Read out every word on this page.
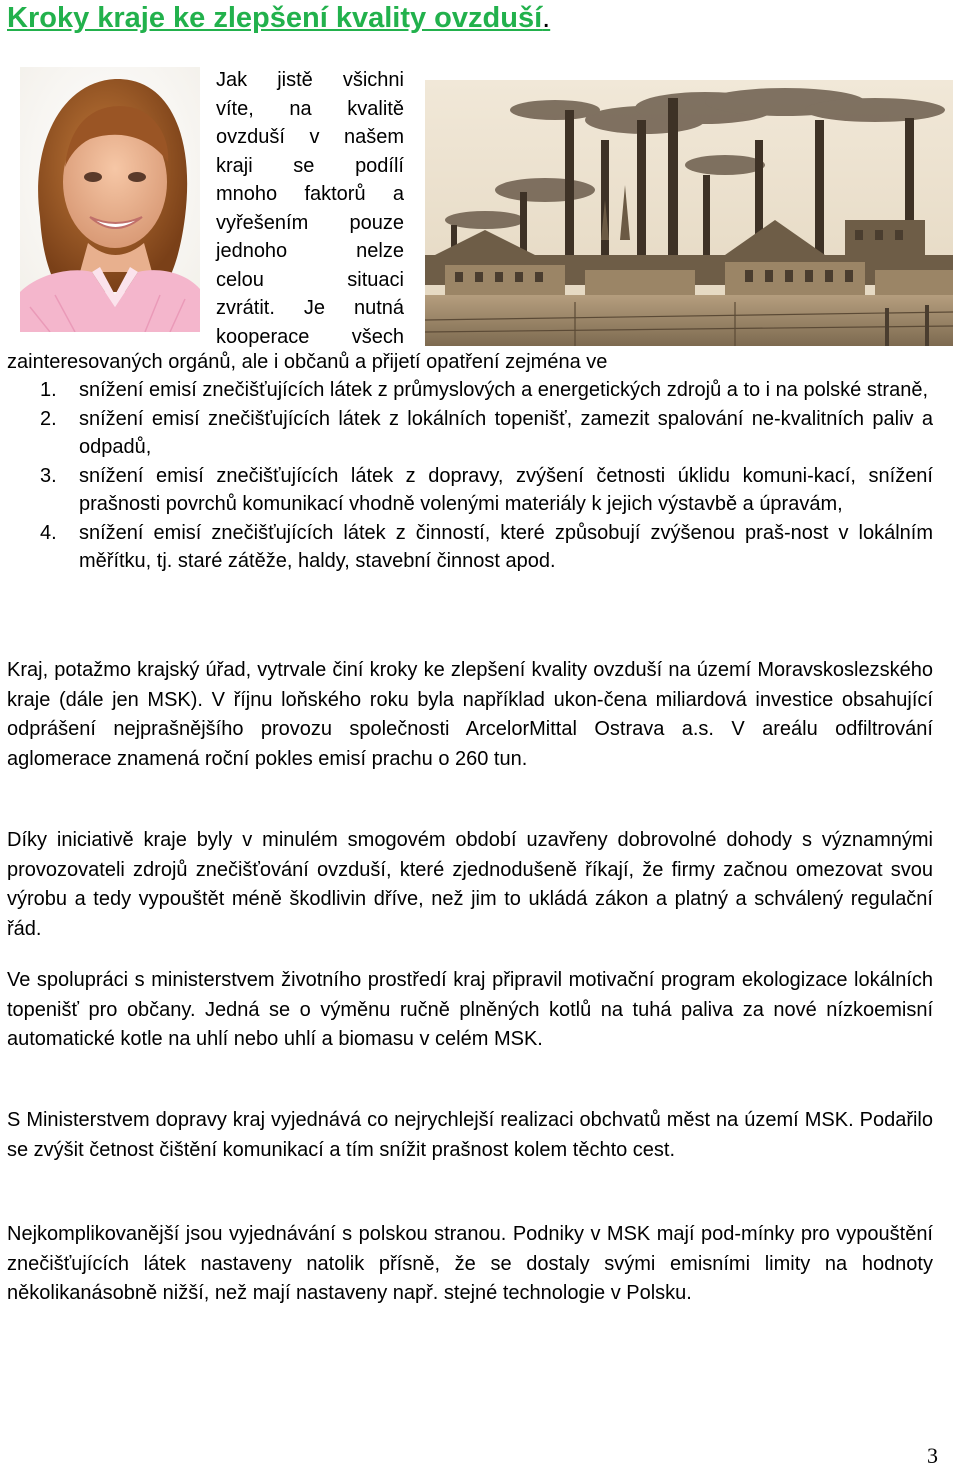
Kroky kraje ke zlepšení kvality ovzduší.
Jak jistě všichni
víte, na kvalitě
ovzduší v našem
kraji se podílí
mnoho faktorů a
vyřešením pouze
jednoho nelze
celou situaci
zvrátit. Je nutná
kooperace všech
zainteresovaných orgánů, ale i občanů a přijetí opatření zejména ve
1. snížení emisí znečišťujících látek z průmyslových a energetických zdrojů a to i na polské straně,
2. snížení emisí znečišťujících látek z lokálních topenišť, zamezit spalování ne-kvalitních paliv a odpadů,
3. snížení emisí znečišťujících látek z dopravy, zvýšení četnosti úklidu komuni-kací, snížení prašnosti povrchů komunikací vhodně volenými materiály k jejich výstavbě a úpravám,
4. snížení emisí znečišťujících látek z činností, které způsobují zvýšenou praš-nost v lokálním měřítku, tj. staré zátěže, haldy, stavební činnost apod.
Kraj, potažmo krajský úřad, vytrvale činí kroky ke zlepšení kvality ovzduší na území Moravskoslezského kraje (dále jen MSK). V říjnu loňského roku byla například ukon-čena miliardová investice obsahující odprášení nejprašnějšího provozu společnosti ArcelorMittal Ostrava a.s. V areálu odfiltrování aglomerace znamená roční pokles emisí prachu o 260 tun.
Díky iniciativě kraje byly v minulém smogovém období uzavřeny dobrovolné dohody s významnými provozovateli zdrojů znečišťování ovzduší, které zjednodušeně říkají, že firmy začnou omezovat svou výrobu a tedy vypouštět méně škodlivin dříve, než jim to ukládá zákon a platný a schválený regulační řád.
Ve spolupráci s ministerstvem životního prostředí kraj připravil motivační program ekologizace lokálních topenišť pro občany. Jedná se o výměnu ručně plněných kotlů na tuhá paliva za nové nízkoemisní automatické kotle na uhlí nebo uhlí a biomasu v celém MSK.
S Ministerstvem dopravy kraj vyjednává co nejrychlejší realizaci obchvatů měst na území MSK. Podařilo se zvýšit četnost čištění komunikací a tím snížit prašnost kolem těchto cest.
Nejkomplikovanější jsou vyjednávání s polskou stranou. Podniky v MSK mají pod-mínky pro vypouštění znečišťujících látek nastaveny natolik přísně, že se dostaly svými emisními limity na hodnoty několikanásobně nižší, než mají nastaveny např. stejné technologie v Polsku.
3
